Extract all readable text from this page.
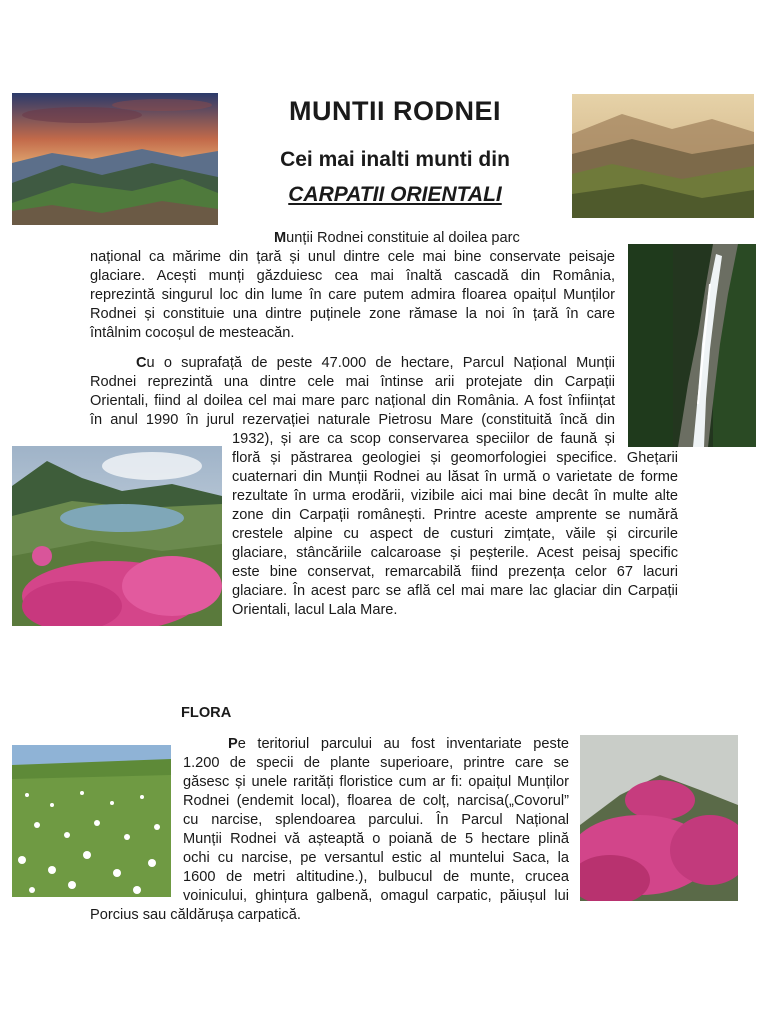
MUNTII RODNEI
Cei mai inalti munti din
CARPATII ORIENTALI
Munții Rodnei constituie al doilea parc
național ca mărime din țară și unul dintre cele mai bine conservate peisaje
glaciare. Acești munți găzduiesc cea mai înaltă cascadă din România,
reprezintă singurul loc din lume în care putem admira floarea opaițul Munților
Rodnei și constituie una dintre puținele zone rămase la noi în țară în care
întâlnim cocoșul de mesteacăn.
Cu o suprafață de peste 47.000 de hectare, Parcul Național Munții
Rodnei reprezintă una dintre cele mai întinse arii protejate din Carpații
Orientali, fiind al doilea cel mai mare parc național din România. A fost înființat
în anul 1990 în jurul rezervației naturale Pietrosu Mare (constituită încă din
1932), și are ca scop conservarea speciilor de faună și
floră și păstrarea geologiei și geomorfologiei specifice. Ghețarii
cuaternari din Munții Rodnei au lăsat în urmă o varietate de forme
rezultate în urma erodării, vizibile aici mai bine decât în multe alte
zone din Carpații românești. Printre aceste amprente se numără
crestele alpine cu aspect de custuri zimțate, văile și circurile
glaciare, stâncăriile calcaroase și peșterile. Acest peisaj specific
este bine conservat, remarcabilă fiind prezența celor 67 lacuri
glaciare. În acest parc se află cel mai mare lac glaciar din Carpații
Orientali, lacul Lala Mare.
FLORA
Pe teritoriul parcului au fost inventariate peste
1.200 de specii de plante superioare, printre care se
găsesc și unele rarități floristice cum ar fi: opaițul Munților
Rodnei (endemit local), floarea de colț, narcisa(„Covorul”
cu narcise, splendoarea parcului. În Parcul Național
Munții Rodnei vă așteaptă o poiană de 5 hectare plină
ochi cu narcise, pe versantul estic al muntelui Saca, la
1600 de metri altitudine.), bulbucul de munte, crucea
voinicului, ghințura galbenă, omagul carpatic, păiușul lui
Porcius sau căldărușa carpatică.
